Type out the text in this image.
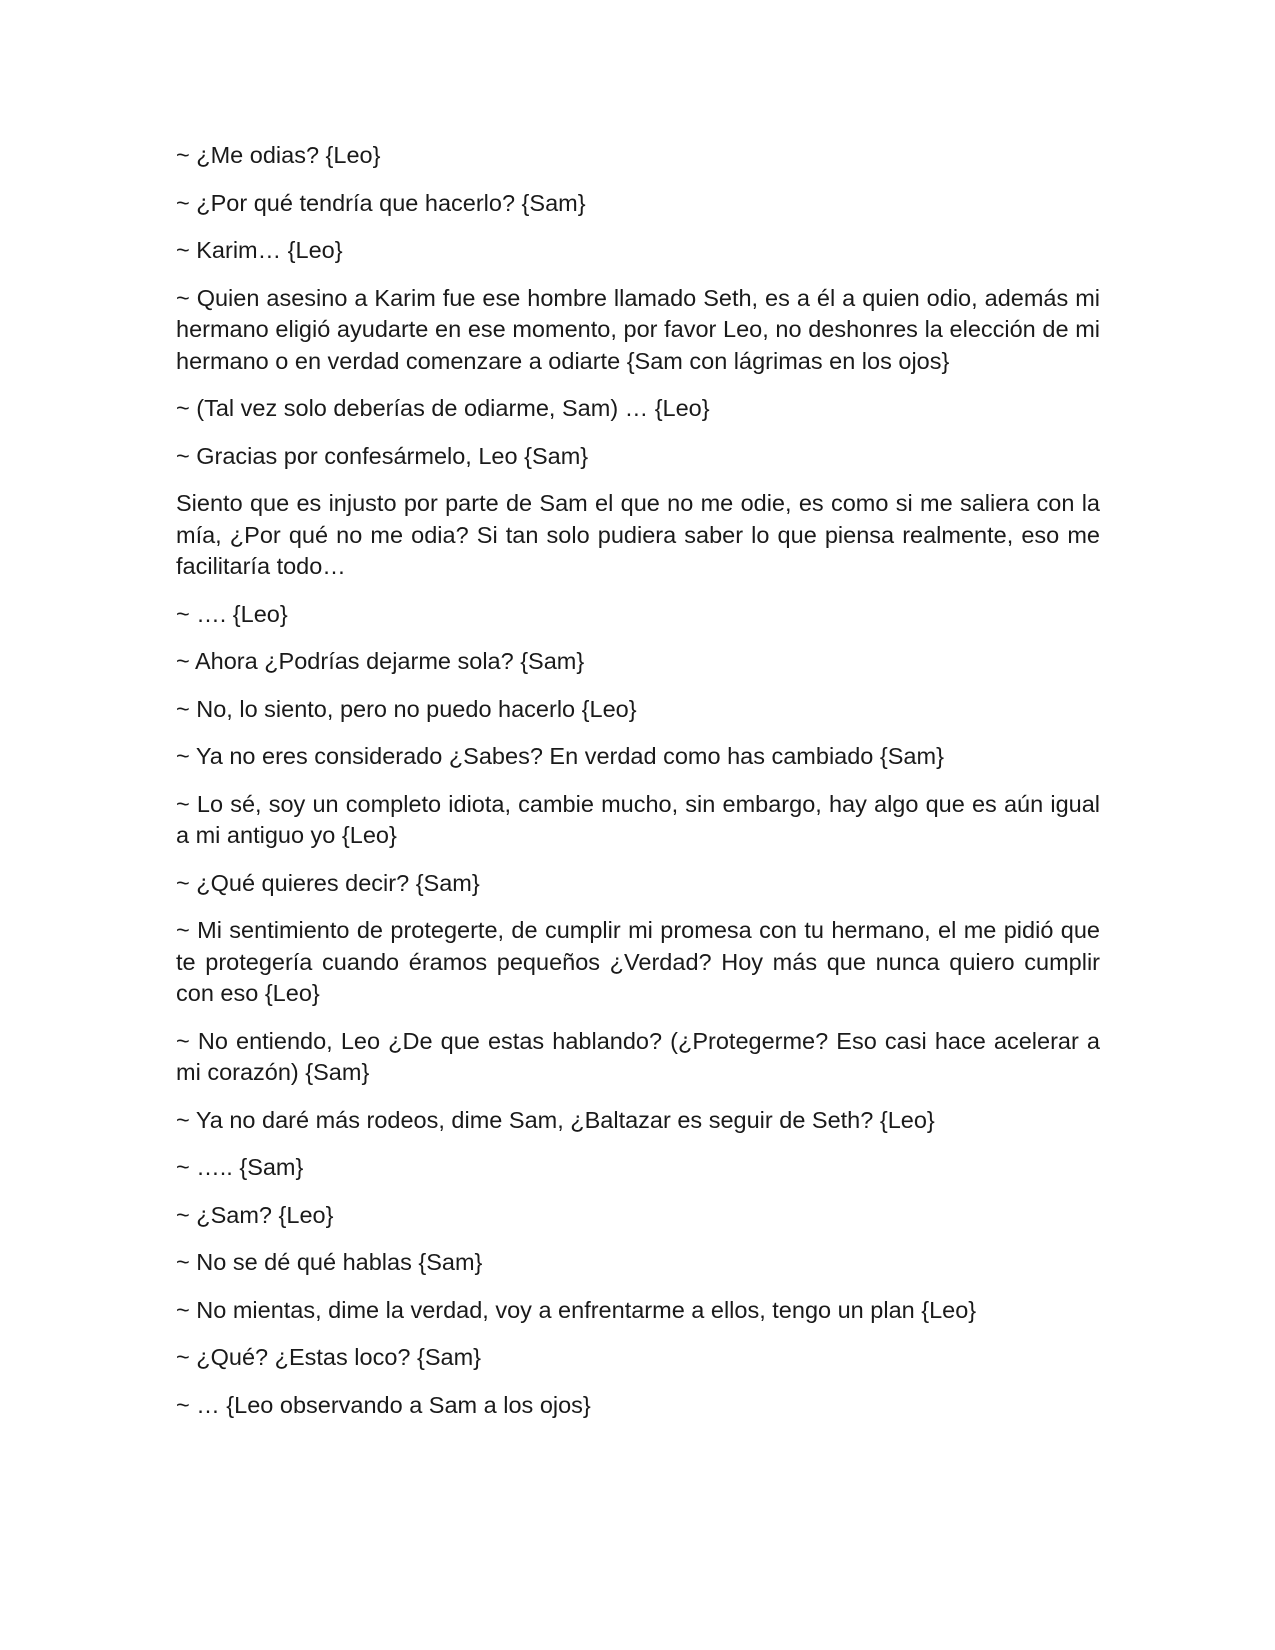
~ ¿Me odias? {Leo}

~ ¿Por qué tendría que hacerlo? {Sam}

~ Karim… {Leo}

~ Quien asesino a Karim fue ese hombre llamado Seth, es a él a quien odio, además mi hermano eligió ayudarte en ese momento, por favor Leo, no deshonres la elección de mi hermano o en verdad comenzare a odiarte {Sam con lágrimas en los ojos}

~ (Tal vez solo deberías de odiarme, Sam) … {Leo}

~ Gracias por confesármelo, Leo {Sam}

Siento que es injusto por parte de Sam el que no me odie, es como si me saliera con la mía, ¿Por qué no me odia? Si tan solo pudiera saber lo que piensa realmente, eso me facilitaría todo…

~ …. {Leo}

~ Ahora ¿Podrías dejarme sola? {Sam}

~ No, lo siento, pero no puedo hacerlo {Leo}

~ Ya no eres considerado ¿Sabes? En verdad como has cambiado {Sam}

~ Lo sé, soy un completo idiota, cambie mucho, sin embargo, hay algo que es aún igual a mi antiguo yo {Leo}

~ ¿Qué quieres decir? {Sam}

~ Mi sentimiento de protegerte, de cumplir mi promesa con tu hermano, el me pidió que te protegería cuando éramos pequeños ¿Verdad? Hoy más que nunca quiero cumplir con eso {Leo}

~ No entiendo, Leo ¿De que estas hablando? (¿Protegerme? Eso casi hace acelerar a mi corazón) {Sam}

~ Ya no daré más rodeos, dime Sam, ¿Baltazar es seguir de Seth? {Leo}

~ ….. {Sam}

~ ¿Sam? {Leo}

~ No se dé qué hablas {Sam}

~ No mientas, dime la verdad, voy a enfrentarme a ellos, tengo un plan {Leo}

~ ¿Qué? ¿Estas loco? {Sam}

~ … {Leo observando a Sam a los ojos}
